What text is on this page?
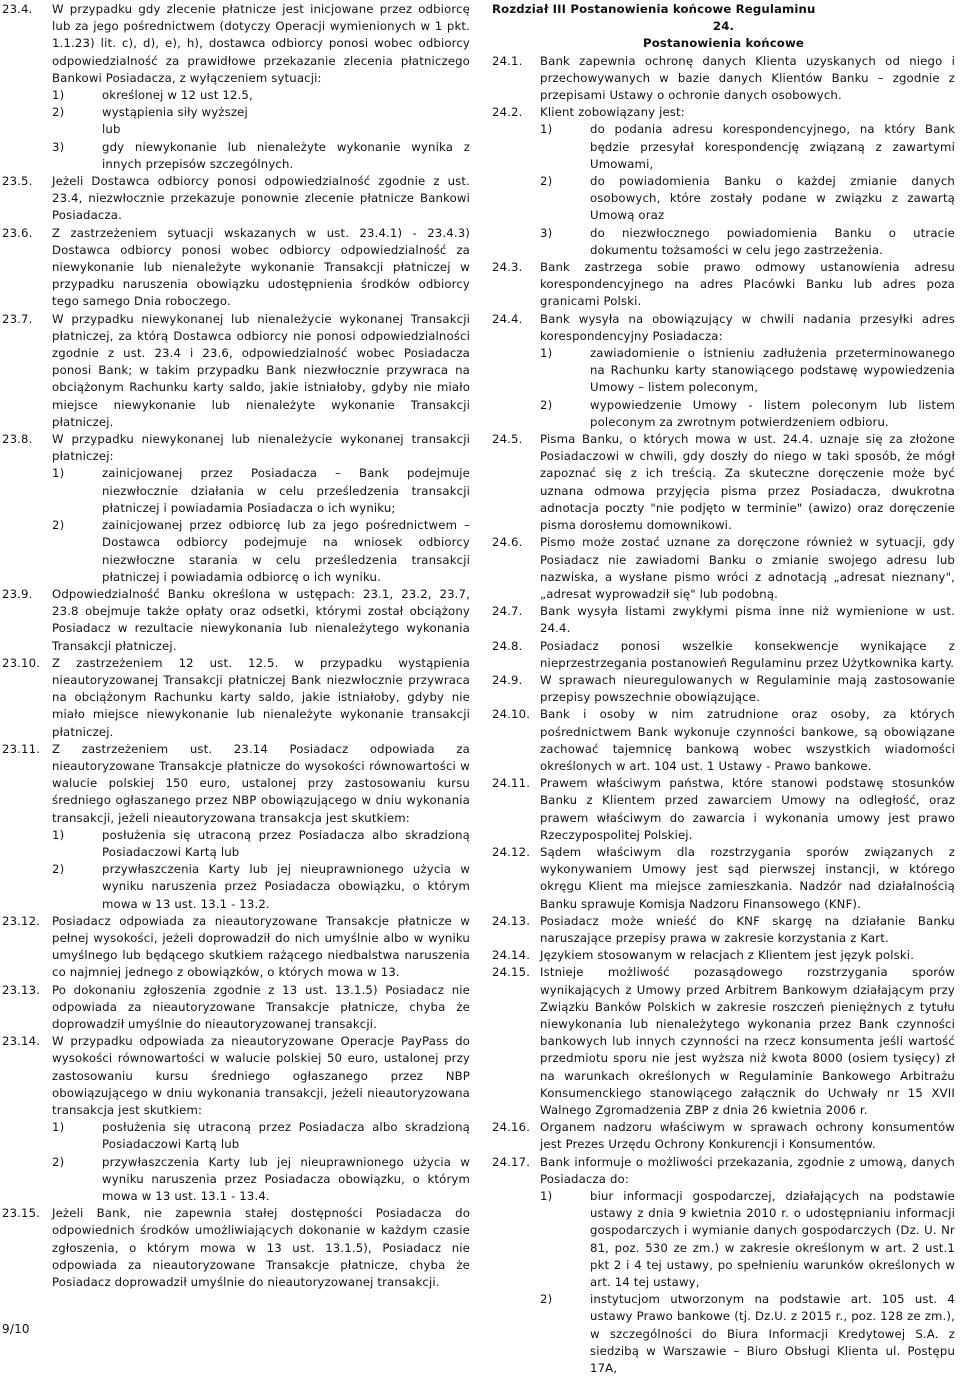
23.4. W przypadku gdy zlecenie płatnicze jest inicjowane przez odbiorcę lub za jego pośrednictwem (dotyczy Operacji wymienionych w 1 pkt. 1.1.23) lit. c), d), e), h), dostawca odbiorcy ponosi wobec odbiorcy odpowiedzialność za prawidłowe przekazanie zlecenia płatniczego Bankowi Posiadacza, z wyłączeniem sytuacji:

1)	określonej w 12 ust 12.5,
2)	wystąpienia siły wyższej
lub
3)	gdy niewykonanie lub nienależyte wykonanie wynika z innych przepisów szczególnych.
23.5. Jeżeli Dostawca odbiorcy ponosi odpowiedzialność zgodnie z ust. 23.4, niezwłocznie przekazuje ponownie zlecenie płatnicze Bankowi Posiadacza.

23.6. Z zastrzeżeniem sytuacji wskazanych w ust. 23.4.1) - 23.4.3) Dostawca odbiorcy ponosi wobec odbiorcy odpowiedzialność za niewykonanie lub nienależyte wykonanie Transakcji płatniczej w przypadku naruszenia obowiązku udostępnienia środków odbiorcy tego samego Dnia roboczego.

23.7. W przypadku niewykonanej lub nienależycie wykonanej Transakcji płatniczej, za którą Dostawca odbiorcy nie ponosi odpowiedzialności zgodnie z ust. 23.4 i 23.6, odpowiedzialność wobec Posiadacza ponosi Bank; w takim przypadku Bank niezwłocznie przywraca na obciążonym Rachunku karty saldo, jakie istniałoby, gdyby nie miało miejsce niewykonanie lub nienależyte wykonanie Transakcji płatniczej.

23.8. W przypadku niewykonanej lub nienależycie wykonanej transakcji płatniczej:

1)	zainicjowanej przez Posiadacza – Bank podejmuje niezwłocznie działania w celu prześledzenia transakcji płatniczej i powiadamia Posiadacza o ich wyniku;
2)	zainicjowanej przez odbiorcę lub za jego pośrednictwem – Dostawca odbiorcy podejmuje na wniosek odbiorcy niezwłoczne starania w celu prześledzenia transakcji płatniczej i powiadamia odbiorcę o ich wyniku.
23.9. Odpowiedzialność Banku określona w ustępach: 23.1, 23.2, 23.7, 23.8 obejmuje także opłaty oraz odsetki, którymi został obciążony Posiadacz w rezultacie niewykonania lub nienależytego wykonania Transakcji płatniczej.

23.10. Z zastrzeżeniem 12 ust. 12.5. w przypadku wystąpienia nieautoryzowanej Transakcji płatniczej Bank niezwłocznie przywraca na obciążonym Rachunku karty saldo, jakie istniałoby, gdyby nie miało miejsce niewykonanie lub nienależyte wykonanie transakcji płatniczej.

23.11. Z zastrzeżeniem ust. 23.14 Posiadacz odpowiada za nieautoryzowane Transakcje płatnicze do wysokości równowartości w walucie polskiej 150 euro, ustalonej przy zastosowaniu kursu średniego ogłaszanego przez NBP obowiązującego w dniu wykonania transakcji, jeżeli nieautoryzowana transakcja jest skutkiem:

1)	posłużenia się utraconą przez Posiadacza albo skradzioną Posiadaczowi Kartą lub
2)	przywłaszczenia Karty lub jej nieuprawnionego użycia w wyniku naruszenia przez Posiadacza obowiązku, o którym mowa w 13 ust. 13.1 - 13.2.
23.12. Posiadacz odpowiada za nieautoryzowane Transakcje płatnicze w pełnej wysokości, jeżeli doprowadził do nich umyślnie albo w wyniku umyślnego lub będącego skutkiem rażącego niedbalstwa naruszenia co najmniej jednego z obowiązków, o których mowa w 13.

23.13. Po dokonaniu zgłoszenia zgodnie z 13 ust. 13.1.5) Posiadacz nie odpowiada za nieautoryzowane Transakcje płatnicze, chyba że doprowadził umyślnie do nieautoryzowanej transakcji.

23.14. W przypadku odpowiada za nieautoryzowane Operacje PayPass do wysokości równowartości w walucie polskiej 50 euro, ustalonej przy zastosowaniu kursu średniego ogłaszanego przez NBP obowiązującego w dniu wykonania transakcji, jeżeli nieautoryzowana transakcja jest skutkiem:

1)	posłużenia się utraconą przez Posiadacza albo skradzioną Posiadaczowi Kartą lub
2)	przywłaszczenia Karty lub jej nieuprawnionego użycia w wyniku naruszenia przez Posiadacza obowiązku, o którym mowa w 13 ust. 13.1 - 13.4.
23.15. Jeżeli Bank, nie zapewnia stałej dostępności Posiadacza do odpowiednich środków umożliwiających dokonanie w każdym czasie zgłoszenia, o którym mowa w 13 ust. 13.1.5), Posiadacz nie odpowiada za nieautoryzowane Transakcje płatnicze, chyba że Posiadacz doprowadził umyślnie do nieautoryzowanej transakcji.

Rozdział III Postanowienia końcowe Regulaminu

24.

Postanowienia końcowe

24.1. Bank zapewnia ochronę danych Klienta uzyskanych od niego i przechowywanych w bazie danych Klientów Banku – zgodnie z przepisami Ustawy o ochronie danych osobowych.

24.2. Klient zobowiązany jest:

1)	do podania adresu korespondencyjnego, na który Bank będzie przesyłał korespondencję związaną z zawartymi Umowami,
2)	do powiadomienia Banku o każdej zmianie danych osobowych, które zostały podane w związku z zawartą Umową oraz
3)	do niezwłocznego powiadomienia Banku o utracie dokumentu tożsamości w celu jego zastrzeżenia.
24.3. Bank zastrzega sobie prawo odmowy ustanowienia adresu korespondencyjnego na adres Placówki Banku lub adres poza granicami Polski.

24.4. Bank wysyła na obowiązujący w chwili nadania przesyłki adres korespondencyjny Posiadacza:

1)	zawiadomienie o istnieniu zadłużenia przeterminowanego na Rachunku karty stanowiącego podstawę wypowiedzenia Umowy – listem poleconym,
2)	wypowiedzenie Umowy - listem poleconym lub listem poleconym za zwrotnym potwierdzeniem odbioru.
24.5. Pisma Banku, o których mowa w ust. 24.4. uznaje się za złożone Posiadaczowi w chwili, gdy doszły do niego w taki sposób, że mógł zapoznać się z ich treścią. Za skuteczne doręczenie może być uznana odmowa przyjęcia pisma przez Posiadacza, dwukrotna adnotacja poczty "nie podjęto w terminie" (awizo) oraz doręczenie pisma dorosłemu domownikowi.

24.6. Pismo może zostać uznane za doręczone również w sytuacji, gdy Posiadacz nie zawiadomi Banku o zmianie swojego adresu lub nazwiska, a wysłane pismo wróci z adnotacją „adresat nieznany", „adresat wyprowadził się" lub podobną.

24.7. Bank wysyła listami zwykłymi pisma inne niż wymienione w ust. 24.4.

24.8. Posiadacz ponosi wszelkie konsekwencje wynikające z nieprzestrzegania postanowień Regulaminu przez Użytkownika karty.

24.9. W sprawach nieuregulowanych w Regulaminie mają zastosowanie przepisy powszechnie obowiązujące.

24.10. Bank i osoby w nim zatrudnione oraz osoby, za których pośrednictwem Bank wykonuje czynności bankowe, są obowiązane zachować tajemnicę bankową wobec wszystkich wiadomości określonych w art. 104 ust. 1 Ustawy - Prawo bankowe.

24.11. Prawem właściwym państwa, które stanowi podstawę stosunków Banku z Klientem przed zawarciem Umowy na odległość, oraz prawem właściwym do zawarcia i wykonania umowy jest prawo Rzeczypospolitej Polskiej.

24.12. Sądem właściwym dla rozstrzygania sporów związanych z wykonywaniem Umowy jest sąd pierwszej instancji, w którego okręgu Klient ma miejsce zamieszkania. Nadzór nad działalnością Banku sprawuje Komisja Nadzoru Finansowego (KNF).

24.13. Posiadacz może wnieść do KNF skargę na działanie Banku naruszające przepisy prawa w zakresie korzystania z Kart.

24.14. Językiem stosowanym w relacjach z Klientem jest język polski.

24.15. Istnieje możliwość pozasądowego rozstrzygania sporów wynikających z Umowy przed Arbitrem Bankowym działającym przy Związku Banków Polskich w zakresie roszczeń pieniężnych z tytułu niewykonania lub nienależytego wykonania przez Bank czynności bankowych lub innych czynności na rzecz konsumenta jeśli wartość przedmiotu sporu nie jest wyższa niż kwota 8000 (osiem tysięcy) zł na warunkach określonych w Regulaminie Bankowego Arbitrażu Konsumenckiego stanowiącego załącznik do Uchwały nr 15 XVII Walnego Zgromadzenia ZBP z dnia 26 kwietnia 2006 r.

24.16. Organem nadzoru właściwym w sprawach ochrony konsumentów jest Prezes Urzędu Ochrony Konkurencji i Konsumentów.

24.17. Bank informuje o możliwości przekazania, zgodnie z umową, danych Posiadacza do:

1)	biur informacji gospodarczej, działających na podstawie ustawy z dnia 9 kwietnia 2010 r. o udostępnianiu informacji gospodarczych i wymianie danych gospodarczych (Dz. U. Nr 81, poz. 530 ze zm.) w zakresie określonym w art. 2 ust.1 pkt 2 i 4 tej ustawy, po spełnieniu warunków określonych w art. 14 tej ustawy,
2)	instytucjom utworzonym na podstawie art. 105 ust. 4 ustawy Prawo bankowe (tj. Dz.U. z 2015 r., poz. 128 ze zm.), w szczególności do Biura Informacji Kredytowej S.A. z siedzibą w Warszawie – Biuro Obsługi Klienta ul. Postępu 17A,
9/10
